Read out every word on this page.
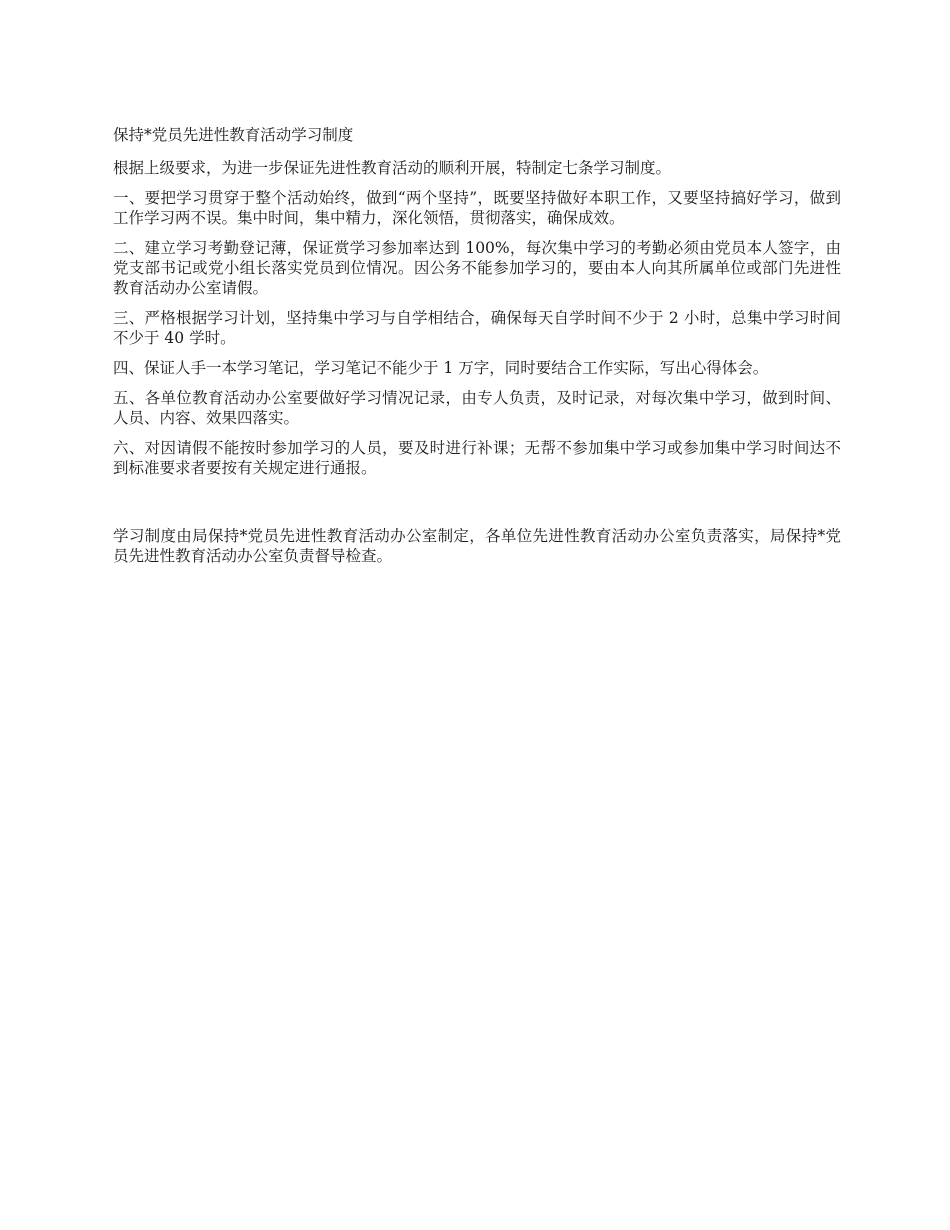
保持*党员先进性教育活动学习制度

根据上级要求，为进一步保证先进性教育活动的顺利开展，特制定七条学习制度。

一、要把学习贯穿于整个活动始终，做到“两个坚持”，既要坚持做好本职工作，又要坚持搞好学习，做到工作学习两不误。集中时间，集中精力，深化领悟，贯彻落实，确保成效。

二、建立学习考勤登记薄，保证赏学习参加率达到 100%，每次集中学习的考勤必须由党员本人签字，由党支部书记或党小组长落实党员到位情况。因公务不能参加学习的，要由本人向其所属单位或部门先进性教育活动办公室请假。

三、严格根据学习计划，坚持集中学习与自学相结合，确保每天自学时间不少于 2 小时，总集中学习时间不少于 40 学时。

四、保证人手一本学习笔记，学习笔记不能少于 1 万字，同时要结合工作实际，写出心得体会。

五、各单位教育活动办公室要做好学习情况记录，由专人负责，及时记录，对每次集中学习，做到时间、人员、内容、效果四落实。

六、对因请假不能按时参加学习的人员，要及时进行补课；无帮不参加集中学习或参加集中学习时间达不到标准要求者要按有关规定进行通报。

学习制度由局保持*党员先进性教育活动办公室制定，各单位先进性教育活动办公室负责落实，局保持*党员先进性教育活动办公室负责督导检查。
